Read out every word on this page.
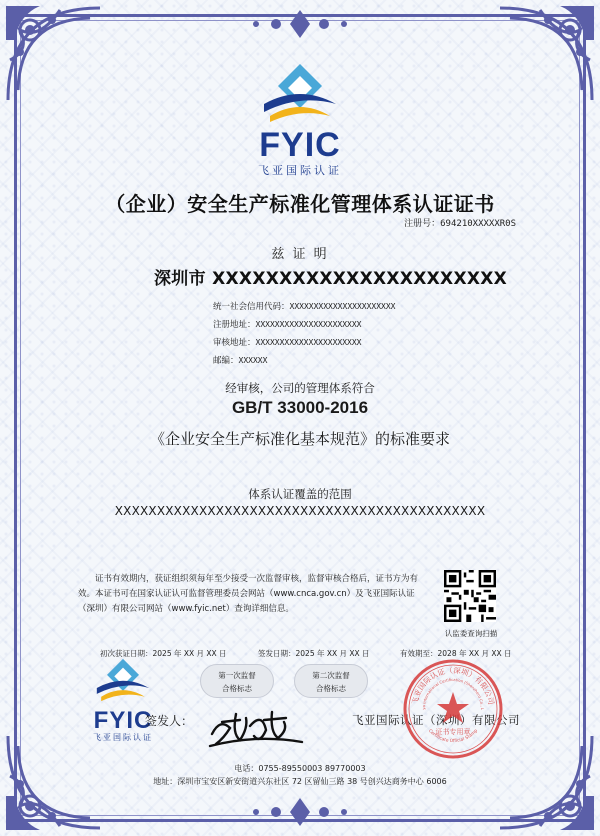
FYIC
飞亚国际认证
（企业）安全生产标准化管理体系认证证书
注册号：694210XXXXXR0S
兹 证 明
深圳市 XXXXXXXXXXXXXXXXXXXXXX
统一社会信用代码：XXXXXXXXXXXXXXXXXXXXXX
注册地址：XXXXXXXXXXXXXXXXXXXXXX
审核地址：XXXXXXXXXXXXXXXXXXXXXX
邮编：XXXXXX
经审核，公司的管理体系符合
GB/T 33000-2016
《企业安全生产标准化基本规范》的标准要求
体系认证覆盖的范围
XXXXXXXXXXXXXXXXXXXXXXXXXXXXXXXXXXXXXXXXXXXX
证书有效期内，获证组织须每年至少接受一次监督审核，监督审核合格后，证书方为有效。本证书可在国家认证认可监督管理委员会网站（www.cnca.gov.cn）及飞亚国际认证（深圳）有限公司网站（www.fyic.net）查询详细信息。
认监委查询扫描
初次获证日期：2025 年 XX 月 XX 日	签发日期：2025 年 XX 月 XX 日	有效期至：2028 年 XX 月 XX 日
第一次监督
合格标志
第二次监督
合格标志
FYIC
飞亚国际认证
签发人：	飞亚国际认证（深圳）有限公司
飞亚国际认证（深圳）有限公司
ya International Certification (Shenzhen) Co., L
Certificate Official Stamp
证书专用章
电话：0755-89550003 89770003
地址：深圳市宝安区新安街道兴东社区 72 区留仙三路 38 号创兴达商务中心 6006
